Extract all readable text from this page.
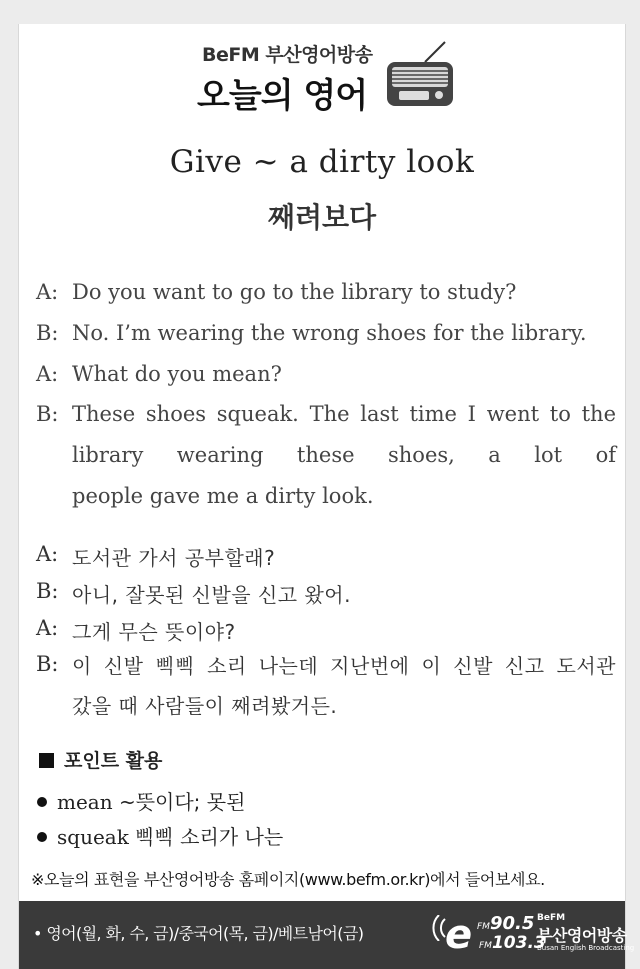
BeFM 부산영어방송
오늘의 영어
Give ~ a dirty look
째려보다
A: Do you want to go to the library to study?
B: No. I’m wearing the wrong shoes for the library.
A: What do you mean?
B: These shoes squeak. The last time I went to the library wearing these shoes, a lot of
people gave me a dirty look.
A: 도서관 가서 공부할래?
B: 아니, 잘못된 신발을 신고 왔어.
A: 그게 무슨 뜻이야?
B: 이 신발 삑삑 소리 나는데 지난번에 이 신발 신고 도서관
갔을 때 사람들이 째려봤거든.
포인트 활용
mean ~뜻이다; 못된
squeak 삑삑 소리가 나는
※오늘의 표현을 부산영어방송 홈페이지(www.befm.or.kr)에서 들어보세요.
• 영어(월, 화, 수, 금)/중국어(목, 금)/베트남어(금) e FM90.5
FM103.3
BeFM
부산영어방송
Busan English Broadcasting
